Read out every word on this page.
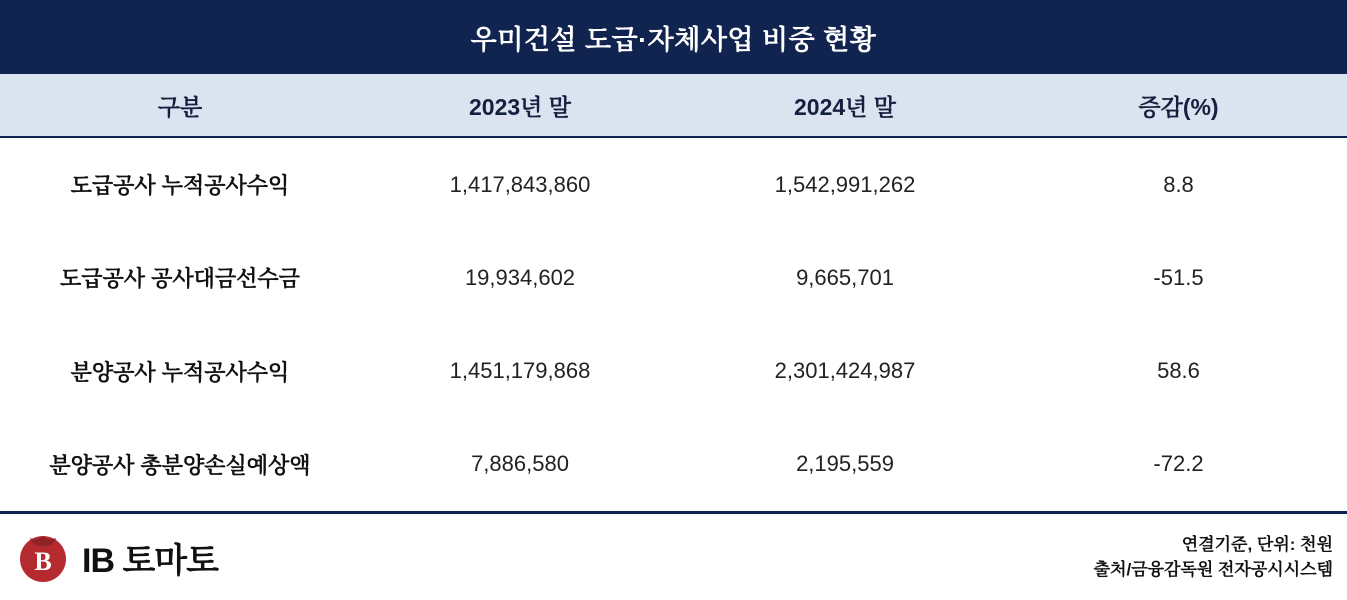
우미건설 도급·자체사업 비중 현황
구분	2023년 말	2024년 말	증감(%)
도급공사 누적공사수익	1,417,843,860	1,542,991,262	8.8
도급공사 공사대금선수금	19,934,602	9,665,701	-51.5
분양공사 누적공사수익	1,451,179,868	2,301,424,987	58.6
분양공사 총분양손실예상액	7,886,580	2,195,559	-72.2
B IB 토마토	연결기준, 단위: 천원
출처/금융감독원 전자공시시스템
